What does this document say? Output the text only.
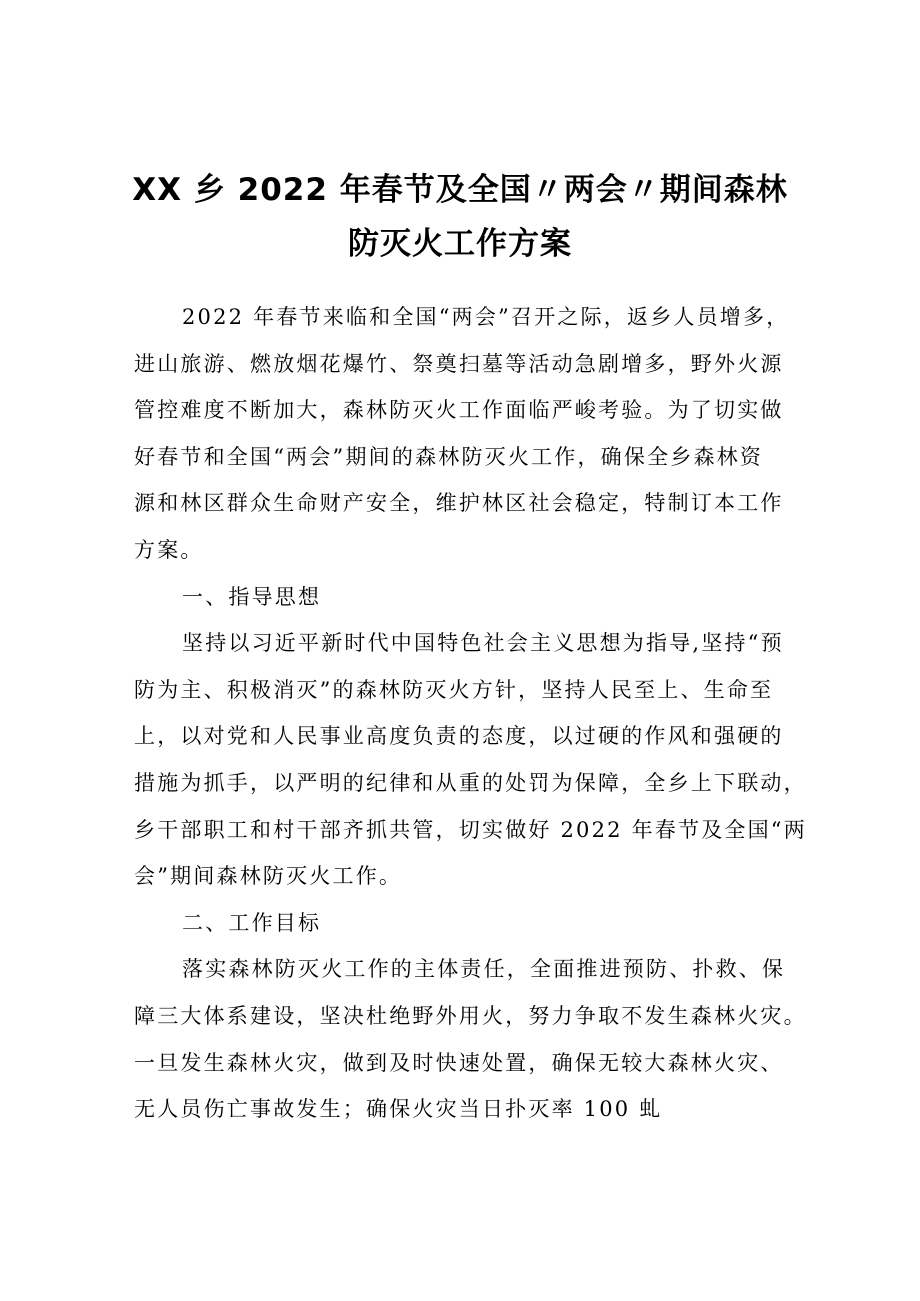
XX 乡 2022 年春节及全国〃两会〃期间森林
防灭火工作方案
2022 年春节来临和全国“两会”召开之际，返乡人员增多，
进山旅游、燃放烟花爆竹、祭奠扫墓等活动急剧增多，野外火源
管控难度不断加大，森林防灭火工作面临严峻考验。为了切实做
好春节和全国“两会”期间的森林防灭火工作，确保全乡森林资
源和林区群众生命财产安全，维护林区社会稳定，特制订本工作
方案。
一、指导思想
坚持以习近平新时代中国特色社会主义思想为指导,坚持“预
防为主、积极消灭”的森林防灭火方针，坚持人民至上、生命至
上，以对党和人民事业高度负责的态度，以过硬的作风和强硬的
措施为抓手，以严明的纪律和从重的处罚为保障，全乡上下联动，
乡干部职工和村干部齐抓共管，切实做好 2022 年春节及全国“两
会”期间森林防灭火工作。
二、工作目标
落实森林防灭火工作的主体责任，全面推进预防、扑救、保
障三大体系建设，坚决杜绝野外用火，努力争取不发生森林火灾。
一旦发生森林火灾，做到及时快速处置，确保无较大森林火灾、
无人员伤亡事故发生；确保火灾当日扑灭率 100 虬
